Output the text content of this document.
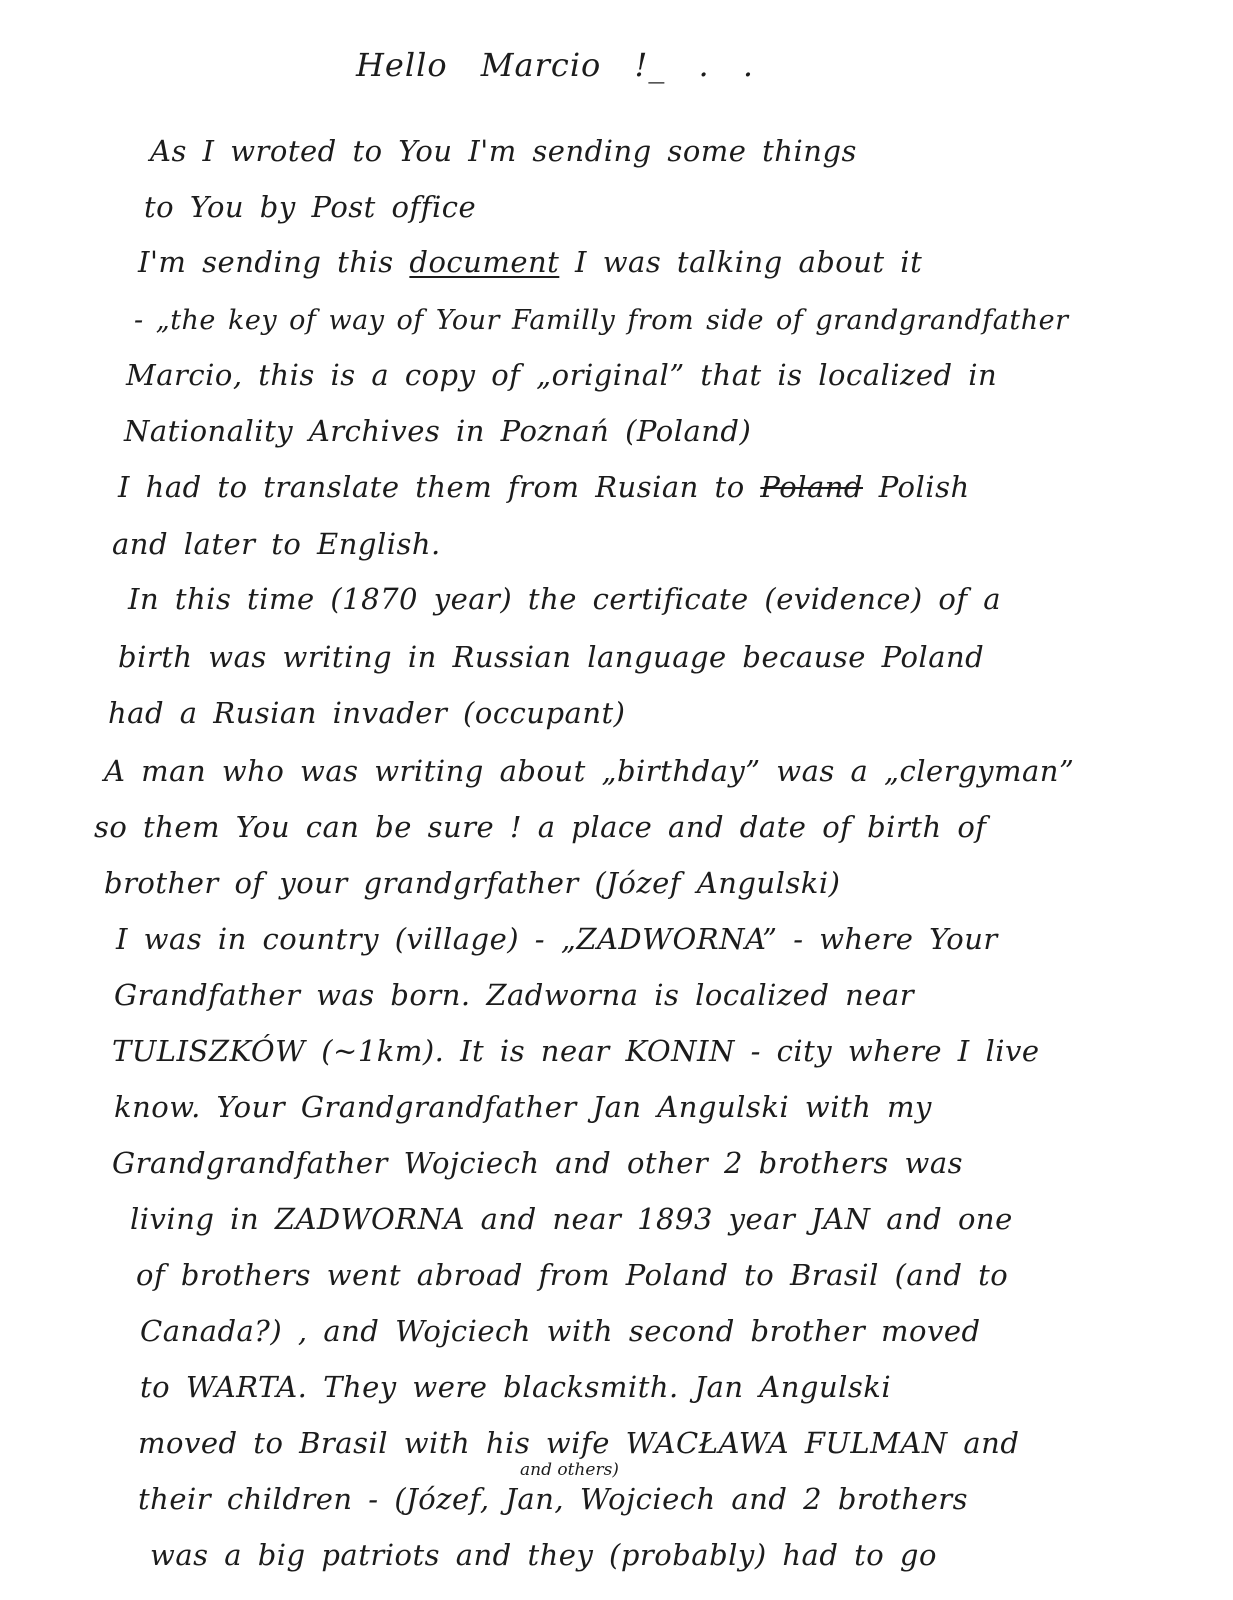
Hello Marcio !_ . .
As I wroted to You I'm sending some things
to You by Post office
I'm sending this document I was talking about it
- „the key of way of Your Familly from side of grandgrandfather
Marcio, this is a copy of „original” that is localized in
Nationality Archives in Poznań (Poland)
I had to translate them from Rusian to Poland Polish
and later to English.
In this time (1870 year) the certificate (evidence) of a
birth was writing in Russian language because Poland
had a Rusian invader (occupant)
A man who was writing about „birthday” was a „clergyman”
so them You can be sure ! a place and date of birth of
brother of your grandgrfather (Józef Angulski)
I was in country (village) - „ZADWORNA” - where Your
Grandfather was born. Zadworna is localized near
TULISZKÓW (~1km). It is near KONIN - city where I live
know. Your Grandgrandfather Jan Angulski with my
Grandgrandfather Wojciech and other 2 brothers was
living in ZADWORNA and near 1893 year JAN and one
of brothers went abroad from Poland to Brasil (and to
Canada?) , and Wojciech with second brother moved
to WARTA. They were blacksmith. Jan Angulski
moved to Brasil with his wife WACŁAWA FULMAN and
and others)
their children - (Józef, Jan, Wojciech and 2 brothers
was a big patriots and they (probably) had to go
